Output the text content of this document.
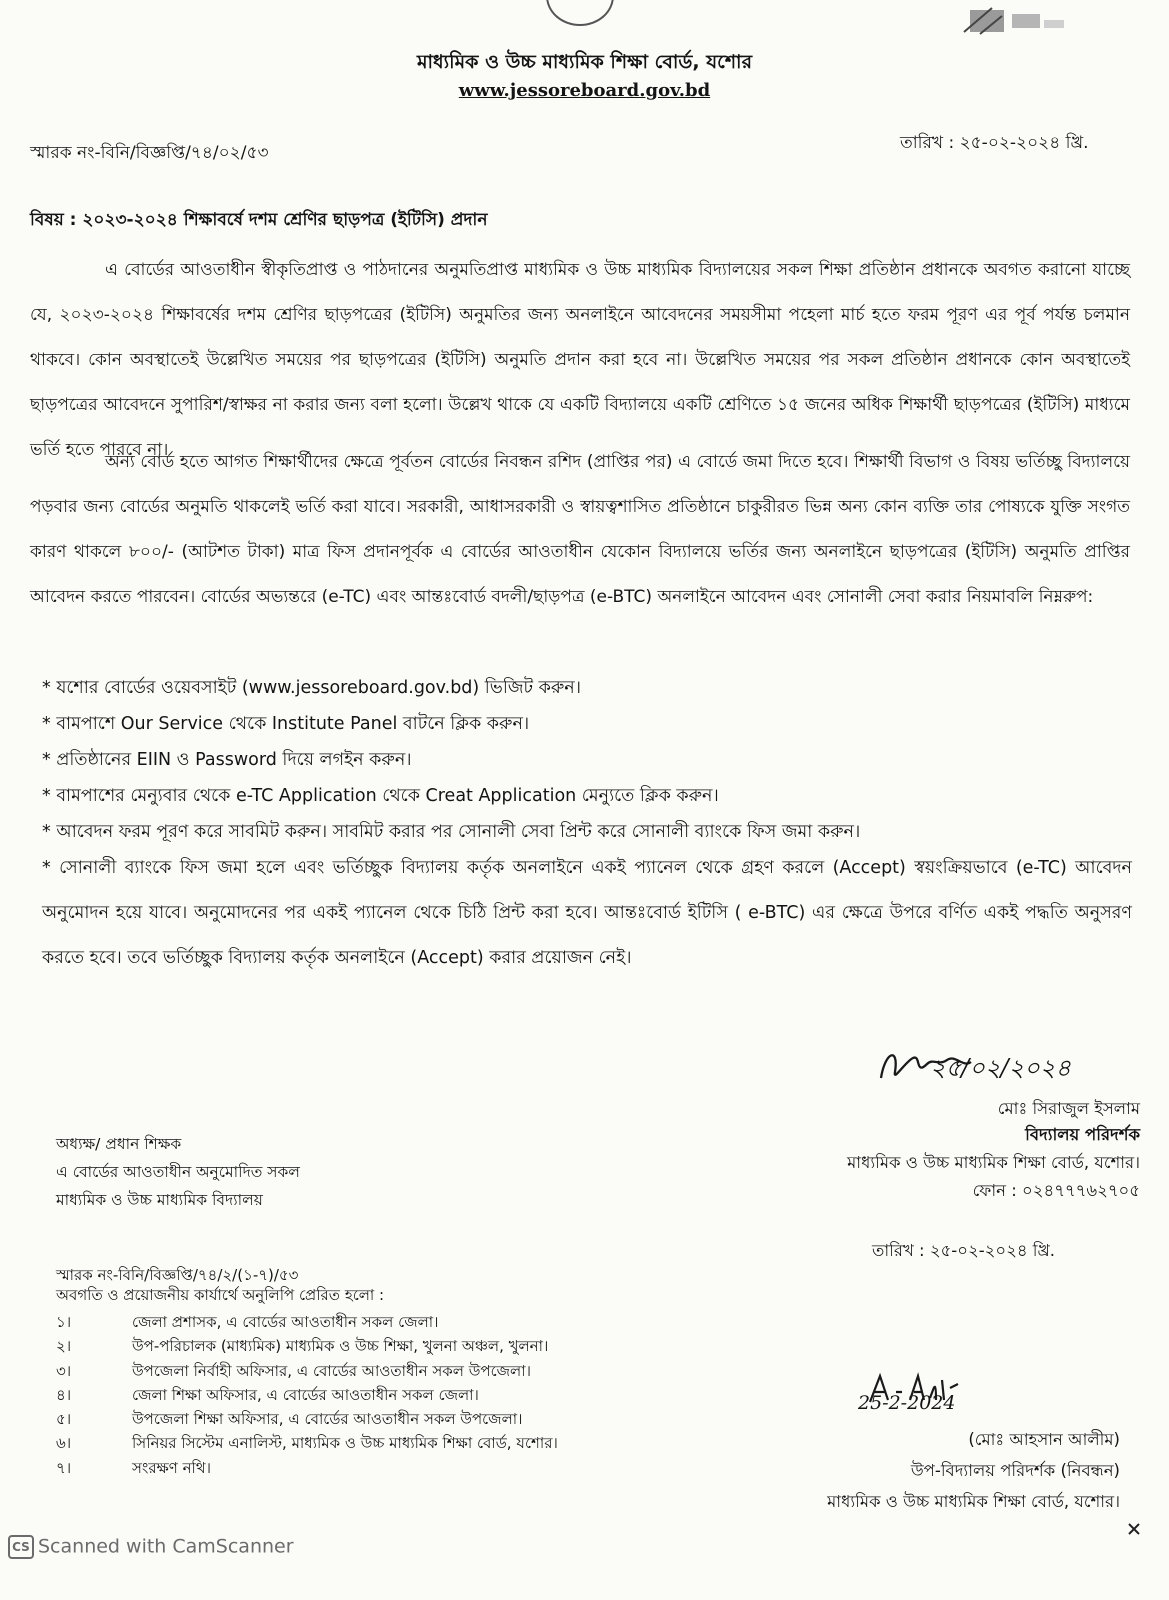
মাধ্যমিক ও উচ্চ মাধ্যমিক শিক্ষা বোর্ড, যশোর
www.jessoreboard.gov.bd
স্মারক নং-বিনি/বিজ্ঞপ্তি/৭৪/০২/৫৩	তারিখ : ২৫-০২-২০২৪ খ্রি.
বিষয় : ২০২৩-২০২৪ শিক্ষাবর্ষে দশম শ্রেণির ছাড়পত্র (ইটিসি) প্রদান
এ বোর্ডের আওতাধীন স্বীকৃতিপ্রাপ্ত ও পাঠদানের অনুমতিপ্রাপ্ত মাধ্যমিক ও উচ্চ মাধ্যমিক বিদ্যালয়ের সকল শিক্ষা প্রতিষ্ঠান প্রধানকে অবগত করানো যাচ্ছে যে, ২০২৩-২০২৪ শিক্ষাবর্ষের দশম শ্রেণির ছাড়পত্রের (ইটিসি) অনুমতির জন্য অনলাইনে আবেদনের সময়সীমা পহেলা মার্চ হতে ফরম পূরণ এর পূর্ব পর্যন্ত চলমান থাকবে। কোন অবস্থাতেই উল্লেখিত সময়ের পর ছাড়পত্রের (ইটিসি) অনুমতি প্রদান করা হবে না। উল্লেখিত সময়ের পর সকল প্রতিষ্ঠান প্রধানকে কোন অবস্থাতেই ছাড়পত্রের আবেদনে সুপারিশ/স্বাক্ষর না করার জন্য বলা হলো। উল্লেখ থাকে যে একটি বিদ্যালয়ে একটি শ্রেণিতে ১৫ জনের অধিক শিক্ষার্থী ছাড়পত্রের (ইটিসি) মাধ্যমে ভর্তি হতে পারবে না।
অন্য বোর্ড হতে আগত শিক্ষার্থীদের ক্ষেত্রে পূর্বতন বোর্ডের নিবন্ধন রশিদ (প্রাপ্তির পর) এ বোর্ডে জমা দিতে হবে। শিক্ষার্থী বিভাগ ও বিষয় ভর্তিচ্ছু বিদ্যালয়ে পড়বার জন্য বোর্ডের অনুমতি থাকলেই ভর্তি করা যাবে। সরকারী, আধাসরকারী ও স্বায়ত্বশাসিত প্রতিষ্ঠানে চাকুরীরত ভিন্ন অন্য কোন ব্যক্তি তার পোষ্যকে যুক্তি সংগত কারণ থাকলে ৮০০/- (আটশত টাকা) মাত্র ফিস প্রদানপূর্বক এ বোর্ডের আওতাধীন যেকোন বিদ্যালয়ে ভর্তির জন্য অনলাইনে ছাড়পত্রের (ইটিসি) অনুমতি প্রাপ্তির আবেদন করতে পারবেন। বোর্ডের অভ্যন্তরে (e-TC) এবং আন্তঃবোর্ড বদলী/ছাড়পত্র (e-BTC) অনলাইনে আবেদন এবং সোনালী সেবা করার নিয়মাবলি নিম্নরুপ:
* যশোর বোর্ডের ওয়েবসাইট (www.jessoreboard.gov.bd) ভিজিট করুন।
* বামপাশে Our Service থেকে Institute Panel বাটনে ক্লিক করুন।
* প্রতিষ্ঠানের EIIN ও Password দিয়ে লগইন করুন।
* বামপাশের মেন্যুবার থেকে e-TC Application থেকে Creat Application মেন্যুতে ক্লিক করুন।
* আবেদন ফরম পূরণ করে সাবমিট করুন। সাবমিট করার পর সোনালী সেবা প্রিন্ট করে সোনালী ব্যাংকে ফিস জমা করুন।
* সোনালী ব্যাংকে ফিস জমা হলে এবং ভর্তিচ্ছুক বিদ্যালয় কর্তৃক অনলাইনে একই প্যানেল থেকে গ্রহণ করলে (Accept) স্বয়ংক্রিয়ভাবে (e-TC) আবেদন অনুমোদন হয়ে যাবে। অনুমোদনের পর একই প্যানেল থেকে চিঠি প্রিন্ট করা হবে। আন্তঃবোর্ড ইটিসি ( e-BTC) এর ক্ষেত্রে উপরে বর্ণিত একই পদ্ধতি অনুসরণ করতে হবে। তবে ভর্তিচ্ছুক বিদ্যালয় কর্তৃক অনলাইনে (Accept) করার প্রয়োজন নেই।
২৫/০২/২০২৪
মোঃ সিরাজুল ইসলাম
বিদ্যালয় পরিদর্শক
মাধ্যমিক ও উচ্চ মাধ্যমিক শিক্ষা বোর্ড, যশোর।
ফোন : ০২৪৭৭৭৬২৭০৫
অধ্যক্ষ/ প্রধান শিক্ষক
এ বোর্ডের আওতাধীন অনুমোদিত সকল
মাধ্যমিক ও উচ্চ মাধ্যমিক বিদ্যালয়
তারিখ : ২৫-০২-২০২৪ খ্রি.
স্মারক নং-বিনি/বিজ্ঞপ্তি/৭৪/২/(১-৭)/৫৩
অবগতি ও প্রয়োজনীয় কার্যার্থে অনুলিপি প্রেরিত হলো :
১।	জেলা প্রশাসক, এ বোর্ডের আওতাধীন সকল জেলা।
২।	উপ-পরিচালক (মাধ্যমিক) মাধ্যমিক ও উচ্চ শিক্ষা, খুলনা অঞ্চল, খুলনা।
৩।	উপজেলা নির্বাহী অফিসার, এ বোর্ডের আওতাধীন সকল উপজেলা।
৪।	জেলা শিক্ষা অফিসার, এ বোর্ডের আওতাধীন সকল জেলা।
৫।	উপজেলা শিক্ষা অফিসার, এ বোর্ডের আওতাধীন সকল উপজেলা।
৬।	সিনিয়র সিস্টেম এনালিস্ট, মাধ্যমিক ও উচ্চ মাধ্যমিক শিক্ষা বোর্ড, যশোর।
৭।	সংরক্ষণ নথি।
25-2-2024
(মোঃ আহসান আলীম)
উপ-বিদ্যালয় পরিদর্শক (নিবন্ধন)
মাধ্যমিক ও উচ্চ মাধ্যমিক শিক্ষা বোর্ড, যশোর।
CS Scanned with CamScanner
